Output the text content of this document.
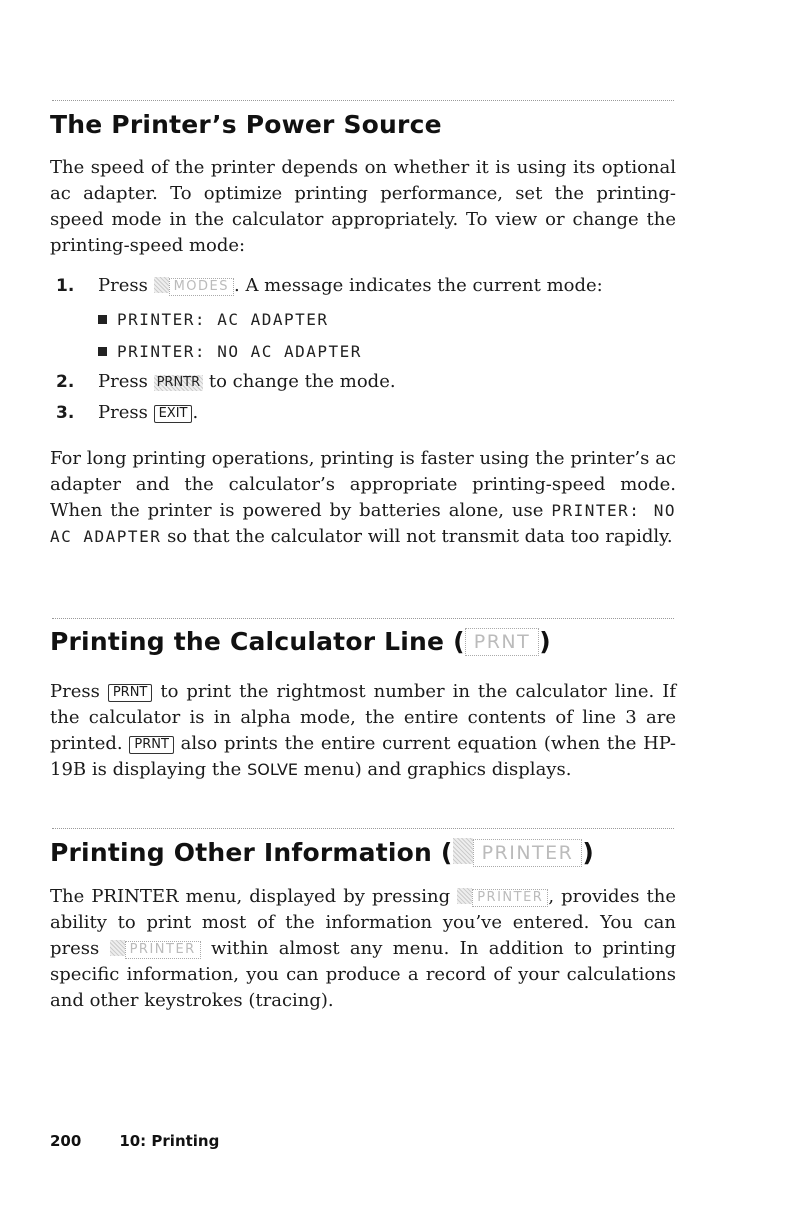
The Printer’s Power Source

The speed of the printer depends on whether it is using its optional ac adapter. To optimize printing performance, set the printing-speed mode in the calculator appropriately. To view or change the printing-speed mode:

1. Press MODES . A message indicates the current mode:
PRINTER: AC ADAPTER
PRINTER: NO AC ADAPTER
2. Press PRNTR to change the mode.
3. Press EXIT .

For long printing operations, printing is faster using the printer’s ac adapter and the calculator’s appropriate printing-speed mode. When the printer is powered by batteries alone, use PRINTER: NO AC ADAPTER so that the calculator will not transmit data too rapidly.

Printing the Calculator Line ( PRNT )

Press PRNT to print the rightmost number in the calculator line. If the calculator is in alpha mode, the entire contents of line 3 are printed. PRNT also prints the entire current equation (when the HP-19B is displaying the SOLVE menu) and graphics displays.

Printing Other Information ( PRINTER )

The PRINTER menu, displayed by pressing PRINTER , provides the ability to print most of the information you’ve entered. You can press PRINTER within almost any menu. In addition to printing specific information, you can produce a record of your calculations and other keystrokes (tracing).

200	10: Printing
